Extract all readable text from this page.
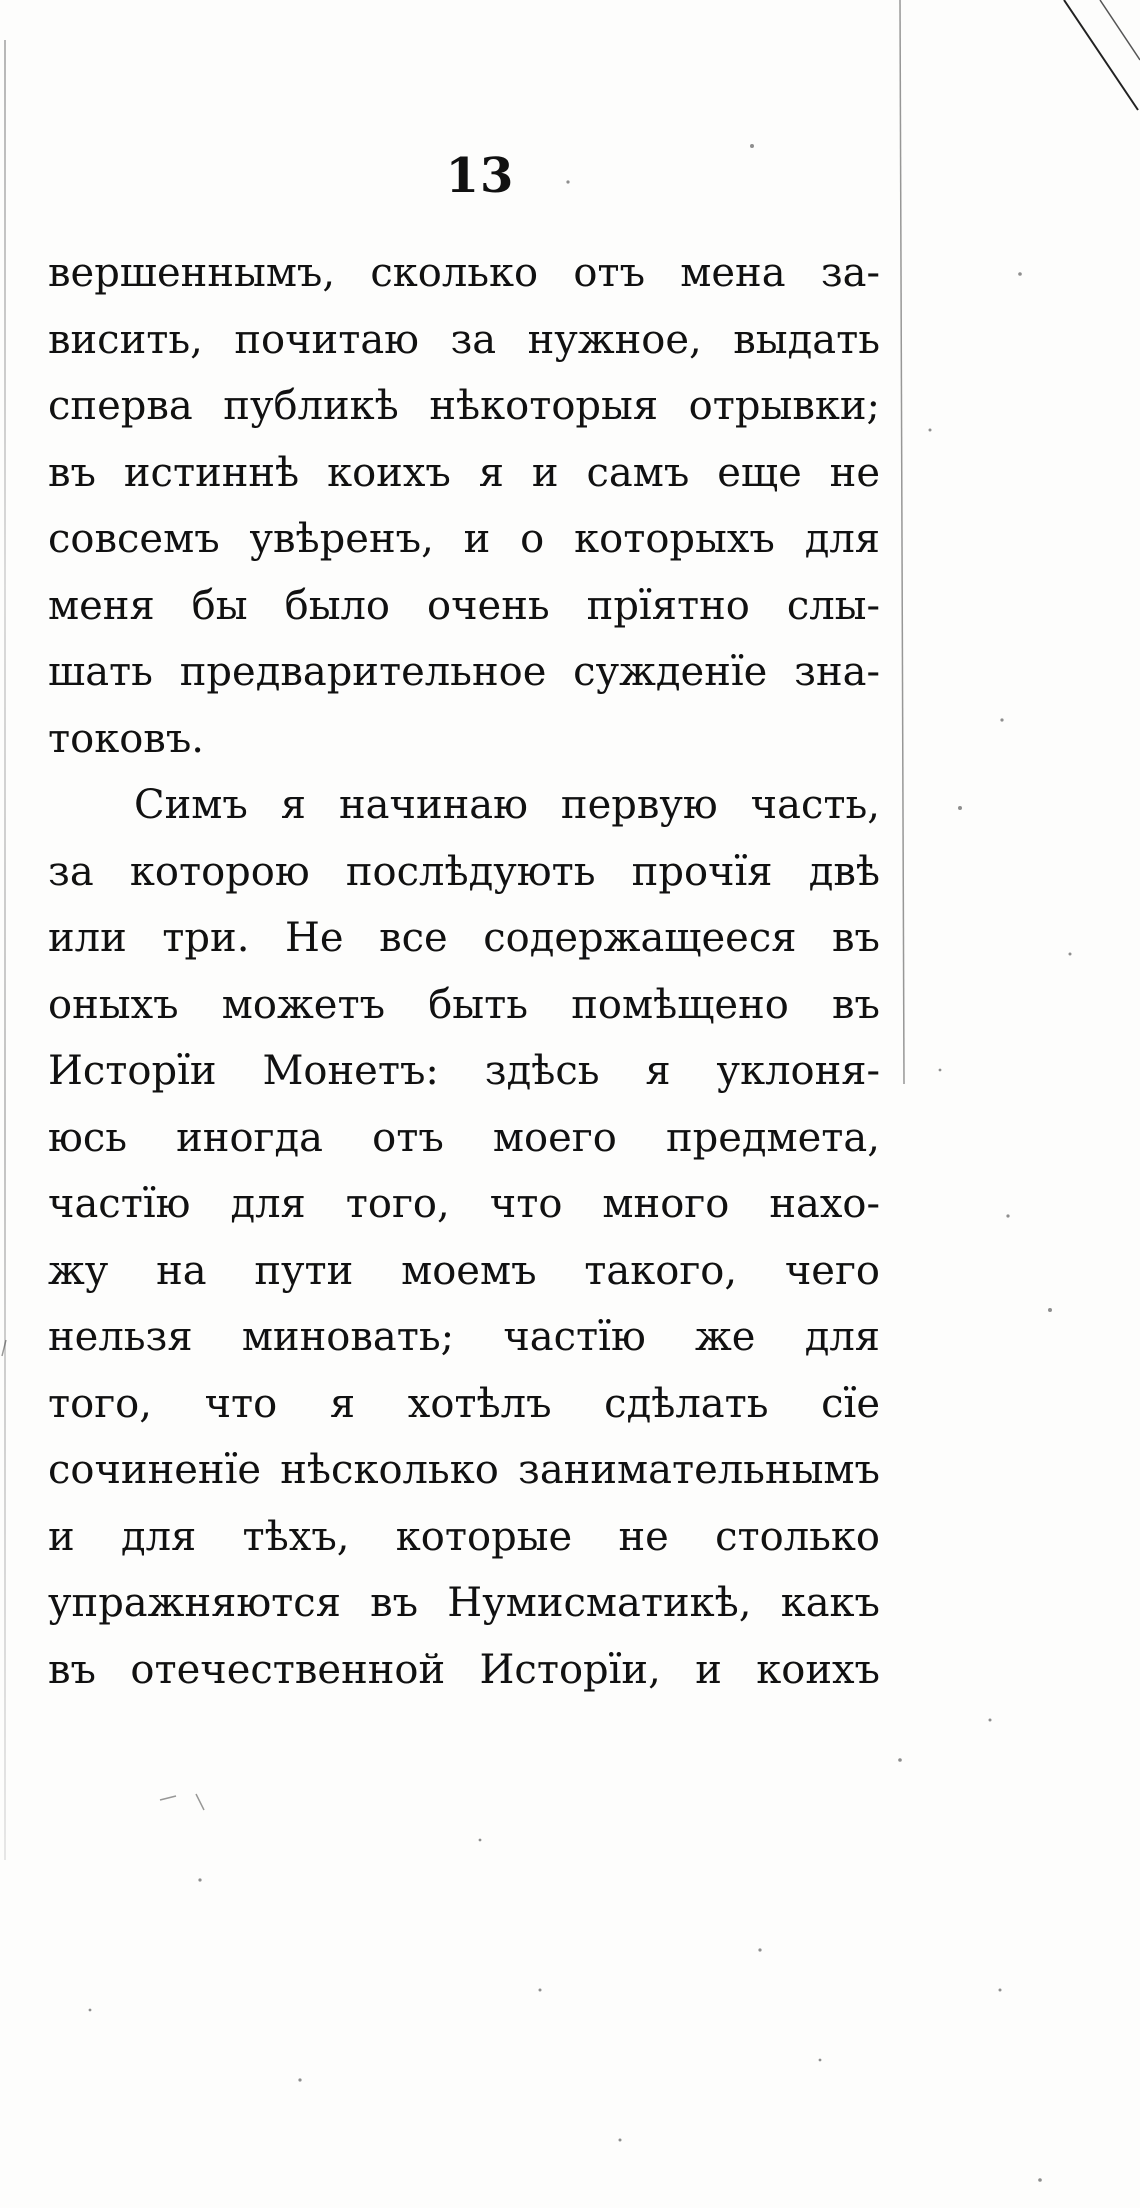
13
вершеннымъ, сколько отъ мена за-
висить, почитаю за нужное, выдать
сперва публикѣ нѣкоторыя отрывки;
въ истиннѣ коихъ я и самъ еще не
совсемъ увѣренъ, и о которыхъ для
меня бы было очень прїятно слы-
шать предварительное сужденїе зна-
токовъ.
Симъ я начинаю первую часть,
за которою послѣдують прочїя двѣ
или три. Не все содержащееся въ
оныхъ можетъ быть помѣщено въ
Исторїи Монетъ: здѣсь я уклоня-
юсь иногда отъ моего предмета,
частїю для того, что много нахо-
жу на пути моемъ такого, чего
нельзя миновать; частїю же для
того, что я хотѣлъ сдѣлать сїе
сочиненїе нѣсколько занимательнымъ
и для тѣхъ, которые не столько
упражняются въ Нумисматикѣ, какъ
въ отечественной Исторїи, и коихъ
